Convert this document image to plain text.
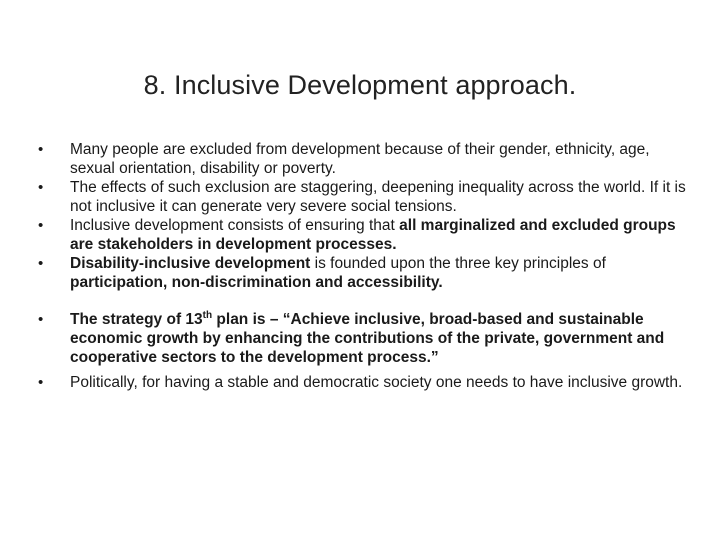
8. Inclusive Development approach.
•	Many people are excluded from development because of their gender, ethnicity, age, sexual orientation, disability or poverty.
•	The effects of such exclusion are staggering, deepening inequality across the world. If it is not inclusive it can generate very severe social tensions.
•	Inclusive development consists of ensuring that all marginalized and excluded groups are stakeholders in development processes.
•	Disability-inclusive development is founded upon the three key principles of participation, non-discrimination and accessibility.
•	The strategy of 13th plan is – “Achieve inclusive, broad-based and sustainable economic growth by enhancing the contributions of the private, government and cooperative sectors to the development process.”
•	Politically, for having a stable and democratic society one needs to have inclusive growth.
